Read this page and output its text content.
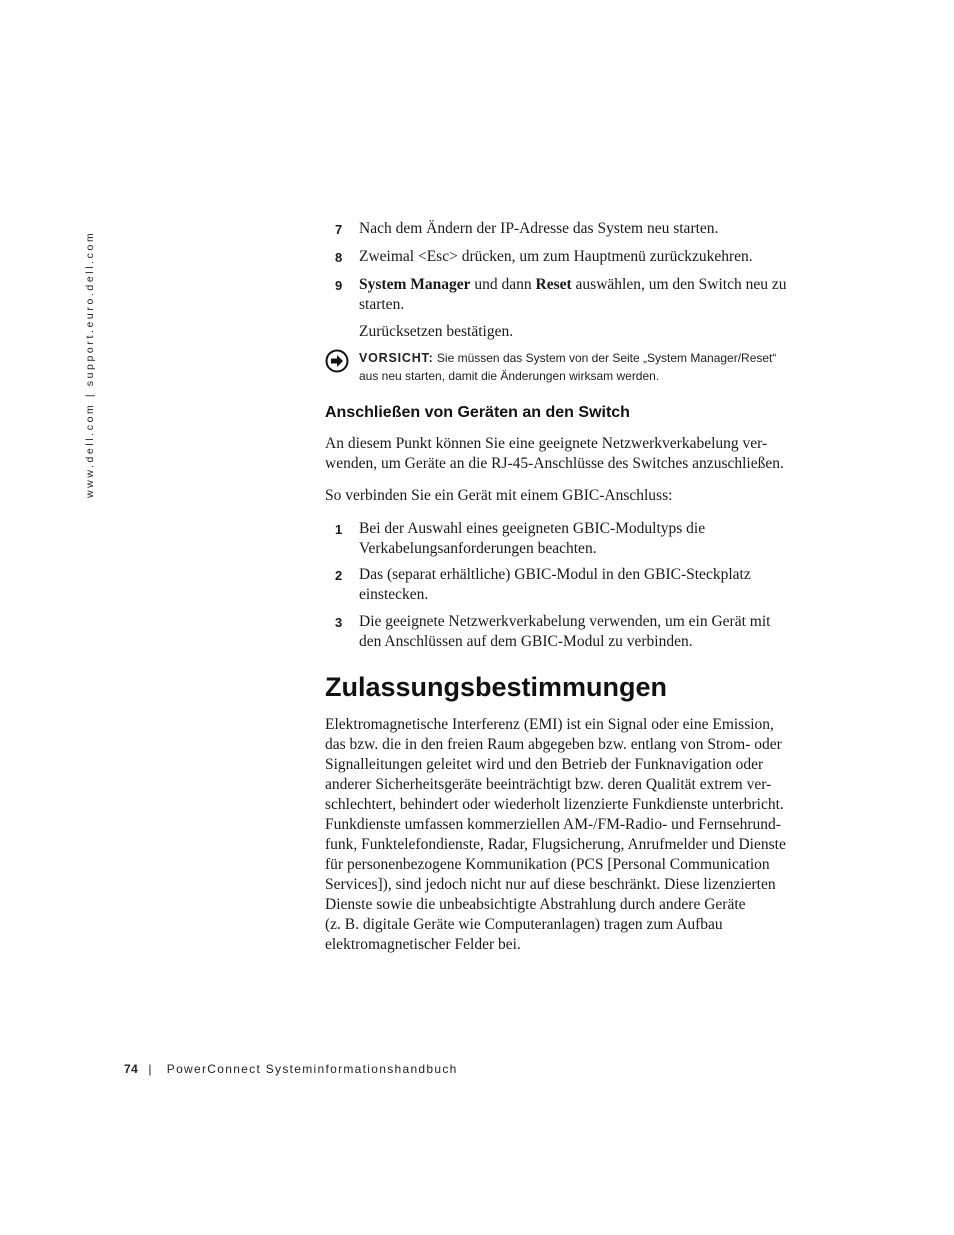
www.dell.com | support.euro.dell.com
7 Nach dem Ändern der IP-Adresse das System neu starten.
8 Zweimal <Esc> drücken, um zum Hauptmenü zurückzukehren.
9 System Manager und dann Reset auswählen, um den Switch neu zu
starten.
Zurücksetzen bestätigen.
VORSICHT: Sie müssen das System von der Seite „System Manager/Reset“
aus neu starten, damit die Änderungen wirksam werden.
Anschließen von Geräten an den Switch
An diesem Punkt können Sie eine geeignete Netzwerkverkabelung ver-
wenden, um Geräte an die RJ-45-Anschlüsse des Switches anzuschließen.
So verbinden Sie ein Gerät mit einem GBIC-Anschluss:
1 Bei der Auswahl eines geeigneten GBIC-Modultyps die
Verkabelungsanforderungen beachten.
2 Das (separat erhältliche) GBIC-Modul in den GBIC-Steckplatz
einstecken.
3 Die geeignete Netzwerkverkabelung verwenden, um ein Gerät mit
den Anschlüssen auf dem GBIC-Modul zu verbinden.
Zulassungsbestimmungen
Elektromagnetische Interferenz (EMI) ist ein Signal oder eine Emission,
das bzw. die in den freien Raum abgegeben bzw. entlang von Strom- oder
Signalleitungen geleitet wird und den Betrieb der Funknavigation oder
anderer Sicherheitsgeräte beeinträchtigt bzw. deren Qualität extrem ver-
schlechtert, behindert oder wiederholt lizenzierte Funkdienste unterbricht.
Funkdienste umfassen kommerziellen AM-/FM-Radio- und Fernsehrund-
funk, Funktelefondienste, Radar, Flugsicherung, Anrufmelder und Dienste
für personenbezogene Kommunikation (PCS [Personal Communication
Services]), sind jedoch nicht nur auf diese beschränkt. Diese lizenzierten
Dienste sowie die unbeabsichtigte Abstrahlung durch andere Geräte
(z. B. digitale Geräte wie Computeranlagen) tragen zum Aufbau
elektromagnetischer Felder bei.
74 | PowerConnect Systeminformationshandbuch
